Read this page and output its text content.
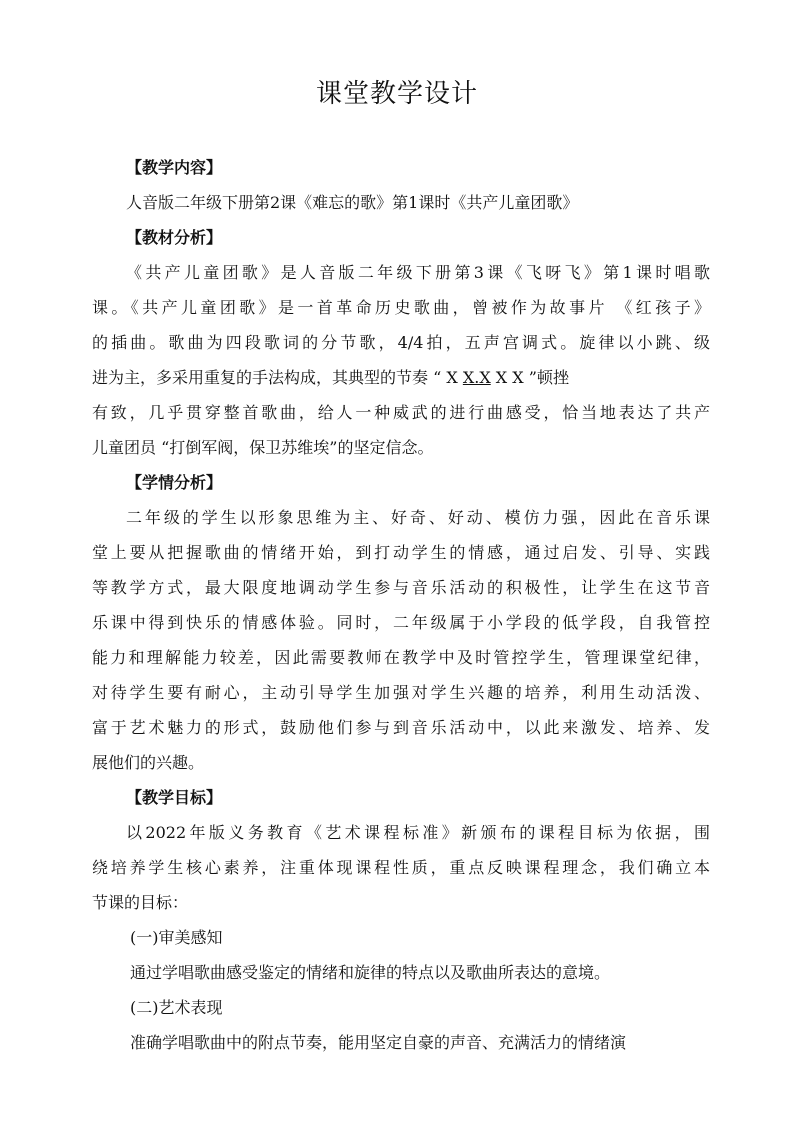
课堂教学设计
【教学内容】
人音版二年级下册第2课《难忘的歌》第1课时《共产儿童团歌》
【教材分析】
《共产儿童团歌》是人音版二年级下册第3课《飞呀飞》第1课时唱歌
课。《共产儿童团歌》是一首革命历史歌曲，曾被作为故事片 《红孩子》
的插曲。歌曲为四段歌词的分节歌，4/4拍，五声宫调式。旋律以小跳、级
进为主，多采用重复的手法构成，其典型的节奏 “ X X.X X X ”顿挫
有致，几乎贯穿整首歌曲，给人一种威武的进行曲感受，恰当地表达了共产
儿童团员 “打倒军阀，保卫苏维埃”的坚定信念。
【学情分析】
二年级的学生以形象思维为主、好奇、好动、模仿力强，因此在音乐课
堂上要从把握歌曲的情绪开始，到打动学生的情感，通过启发、引导、实践
等教学方式，最大限度地调动学生参与音乐活动的积极性，让学生在这节音
乐课中得到快乐的情感体验。同时，二年级属于小学段的低学段，自我管控
能力和理解能力较差，因此需要教师在教学中及时管控学生，管理课堂纪律，
对待学生要有耐心，主动引导学生加强对学生兴趣的培养，利用生动活泼、
富于艺术魅力的形式，鼓励他们参与到音乐活动中，以此来激发、培养、发
展他们的兴趣。
【教学目标】
以2022年版义务教育《艺术课程标准》新颁布的课程目标为依据，围
绕培养学生核心素养，注重体现课程性质，重点反映课程理念，我们确立本
节课的目标：
(一)审美感知
通过学唱歌曲感受鉴定的情绪和旋律的特点以及歌曲所表达的意境。
(二)艺术表现
准确学唱歌曲中的附点节奏，能用坚定自豪的声音、充满活力的情绪演
